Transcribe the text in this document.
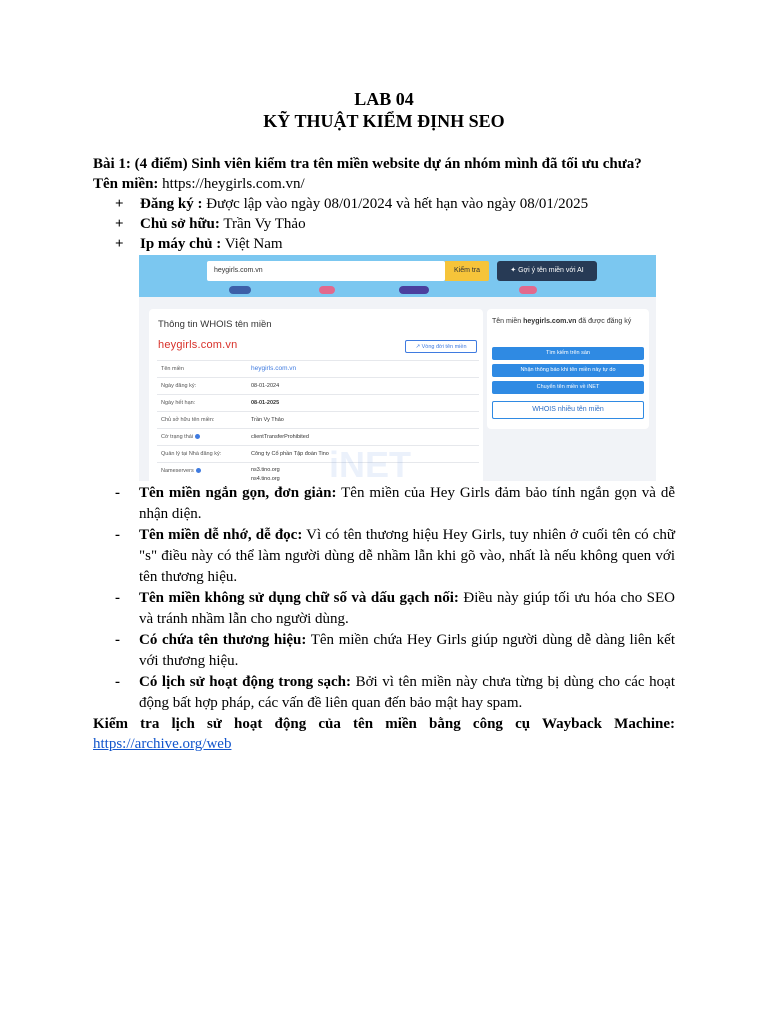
LAB 04

KỸ THUẬT KIỂM ĐỊNH SEO

Bài 1: (4 điểm) Sinh viên kiểm tra tên miền website dự án nhóm mình đã tối ưu chưa?

Tên miền: https://heygirls.com.vn/

+ Đăng ký : Được lập vào ngày 08/01/2024 và hết hạn vào ngày 08/01/2025
+ Chủ sở hữu: Trần Vy Thảo
+ Ip máy chủ : Việt Nam
heygirls.com.vn	Kiểm tra	✦ Gợi ý tên miền với AI
Thông tin WHOIS tên miền
heygirls.com.vn	↗ Vòng đời tên miền
Tên miền	heygirls.com.vn
Ngày đăng ký:	08-01-2024
Ngày hết hạn:	08-01-2025
Chủ sở hữu tên miền:	Trần Vy Thảo
Cờ trạng thái	clientTransferProhibited
Quản lý tại Nhà đăng ký:	Công ty Cổ phần Tập đoàn Tino
Nameservers	ns3.tino.org
ns4.tino.org iNET
Tên miền heygirls.com.vn đã được đăng ký
Tìm kiếm trên sàn
Nhận thông báo khi tên miền này tự do
Chuyển tên miền về iNET
WHOIS nhiều tên miền
- Tên miền ngắn gọn, đơn giản: Tên miền của Hey Girls đảm bảo tính ngắn gọn và dễ nhận diện.
- Tên miền dễ nhớ, dễ đọc: Vì có tên thương hiệu Hey Girls, tuy nhiên ở cuối tên có chữ "s" điều này có thể làm người dùng dễ nhầm lẫn khi gõ vào, nhất là nếu không quen với tên thương hiệu.
- Tên miền không sử dụng chữ số và dấu gạch nối: Điều này giúp tối ưu hóa cho SEO và tránh nhầm lẫn cho người dùng.
- Có chứa tên thương hiệu: Tên miền chứa Hey Girls giúp người dùng dễ dàng liên kết với thương hiệu.
- Có lịch sử hoạt động trong sạch: Bởi vì tên miền này chưa từng bị dùng cho các hoạt động bất hợp pháp, các vấn đề liên quan đến bảo mật hay spam.

Kiểm tra lịch sử hoạt động của tên miền bằng công cụ Wayback Machine:

https://archive.org/web
